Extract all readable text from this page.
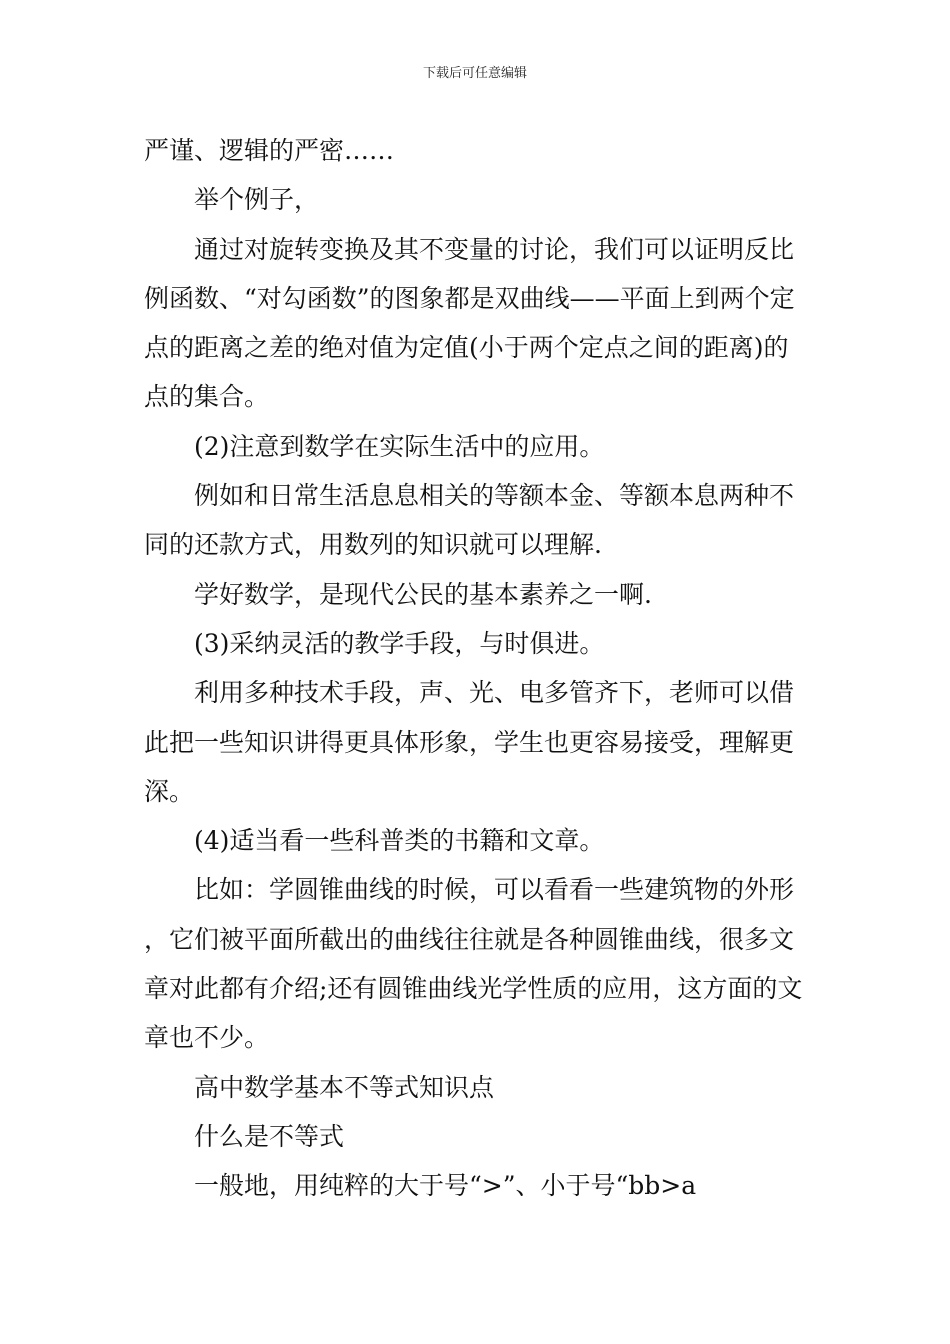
下载后可任意编辑

严谨、逻辑的严密……

举个例子，

通过对旋转变换及其不变量的讨论，我们可以证明反比例函数、“对勾函数”的图象都是双曲线——平面上到两个定点的距离之差的绝对值为定值(小于两个定点之间的距离)的点的集合。

(2)注意到数学在实际生活中的应用。

例如和日常生活息息相关的等额本金、等额本息两种不同的还款方式，用数列的知识就可以理解.

学好数学，是现代公民的基本素养之一啊.

(3)采纳灵活的教学手段，与时俱进。

利用多种技术手段，声、光、电多管齐下，老师可以借此把一些知识讲得更具体形象，学生也更容易接受，理解更深。

(4)适当看一些科普类的书籍和文章。

比如：学圆锥曲线的时候，可以看看一些建筑物的外形，它们被平面所截出的曲线往往就是各种圆锥曲线，很多文章对此都有介绍;还有圆锥曲线光学性质的应用，这方面的文章也不少。

高中数学基本不等式知识点

什么是不等式

一般地，用纯粹的大于号“>”、小于号“bb>a
